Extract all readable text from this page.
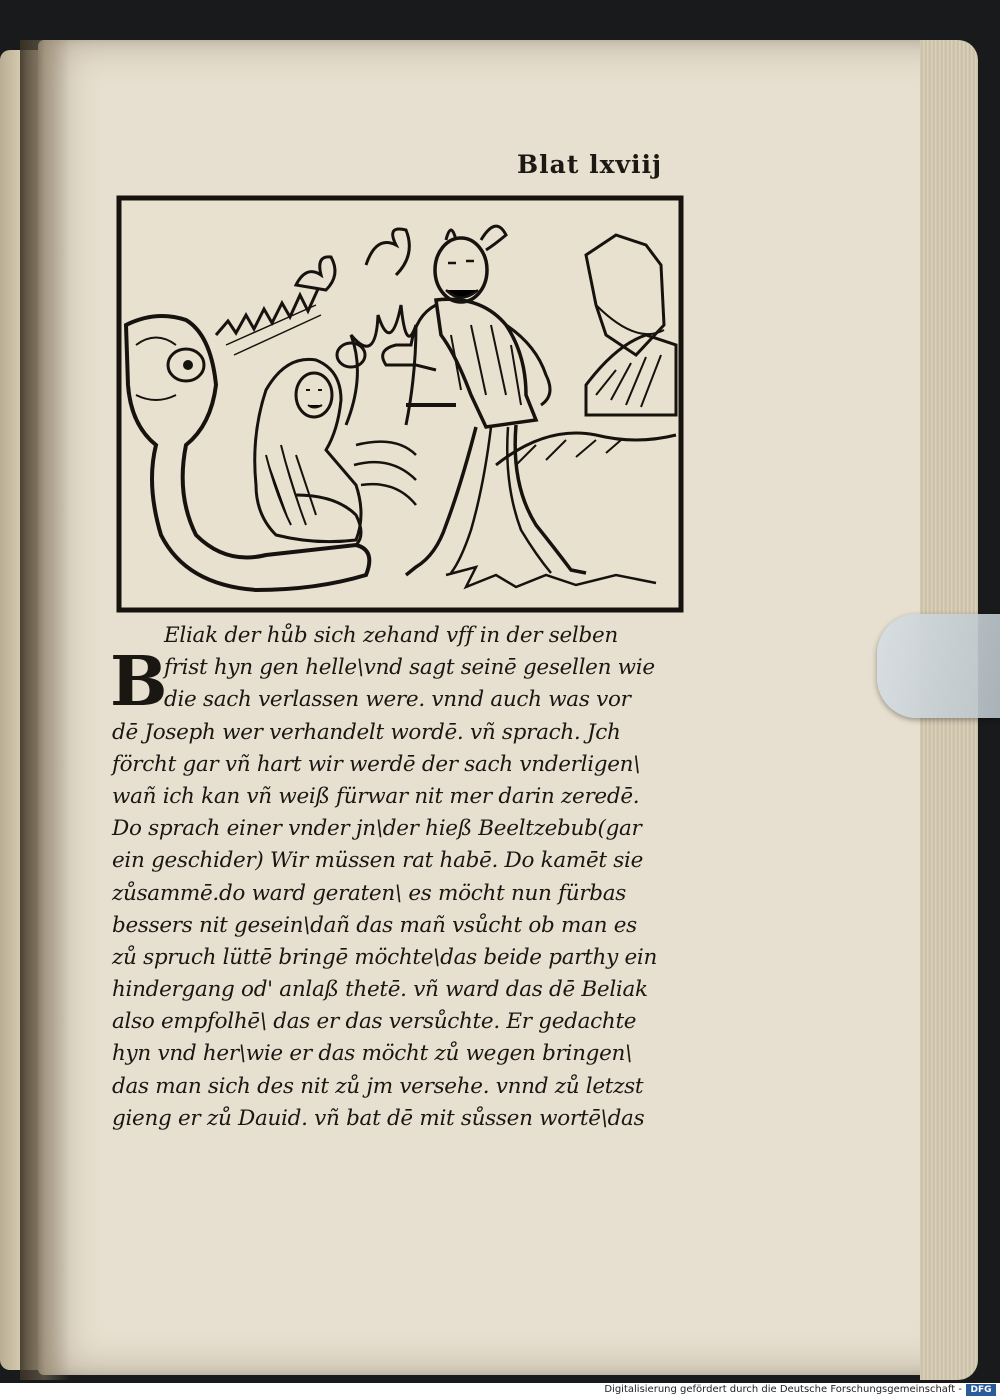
Blat lxviij
B
Eliak der hůb sich zehand vff in der selben
frist hyn gen helle\vnd sagt seinē gesellen wie
die sach verlassen were. vnnd auch was vor
dē Joseph wer verhandelt wordē. vñ sprach. Jch
förcht gar vñ hart wir werdē der sach vnderligen\
wañ ich kan vñ weiß fürwar nit mer darin zeredē.
Do sprach einer vnder jn\der hieß Beeltzebub(gar
ein geschider) Wir müssen rat habē. Do kamēt sie
zůsammē.do ward geraten\ es möcht nun fürbas
bessers nit gesein\dañ das mañ vsůcht ob man es
zů spruch lüttē bringē möchte\das beide parthy ein
hindergang od' anlaß thetē. vñ ward das dē Beliak
also empfolhē\ das er das versůchte. Er gedachte
hyn vnd her\wie er das möcht zů wegen bringen\
das man sich des nit zů jm versehe. vnnd zů letzst
gieng er zů Dauid. vñ bat dē mit sůssen wortē\das
Digitalisierung gefördert durch die Deutsche Forschungsgemeinschaft - DFG
